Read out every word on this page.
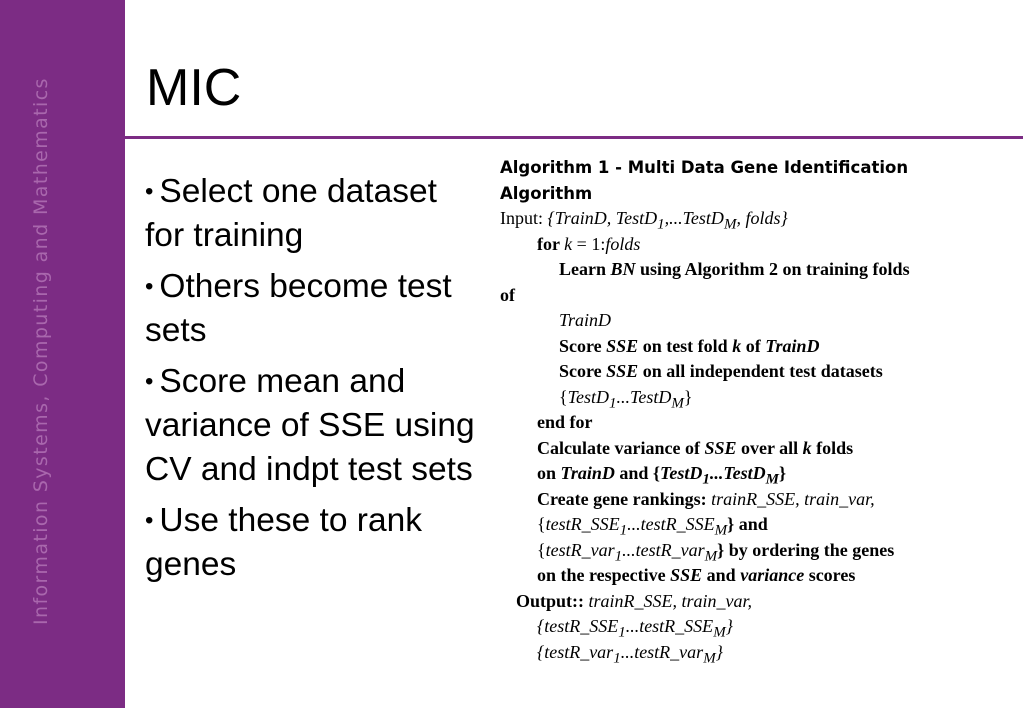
Information Systems, Computing and Mathematics MIC

• Select one dataset for training

• Others become test sets

• Score mean and variance of SSE using CV and indpt test sets

• Use these to rank genes

Algorithm 1 - Multi Data Gene Identification
Algorithm
Input: {TrainD, TestD$_1$,...TestD$_M$, folds}
for k = 1:folds
Learn BN using Algorithm 2 on training folds
of
TrainD
Score SSE on test fold k of TrainD
Score SSE on all independent test datasets
{TestD$_1$...TestD$_M$}
end for
Calculate variance of SSE over all k folds
on TrainD and {TestD$_1$...TestD$_M$}
Create gene rankings: trainR_SSE, train_var,
$\{testR\_SSE_1...testR\_SSE_M\}$ and
{testR_var$_1$...testR_var$_M$} by ordering the genes
on the respective SSE and variance scores
Output:: trainR_SSE, train_var,
$\{testR\_SSE_1...testR\_SSE_M\}$
{testR_var$_1$...testR_var$_M$}
